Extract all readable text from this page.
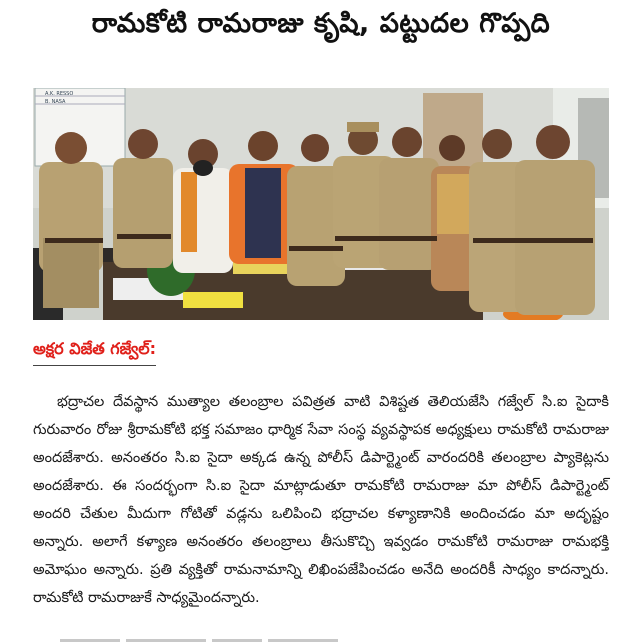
రామకోటి రామరాజు కృషి, పట్టుదల గొప్పది
A.K. RESSO
B. NASA
అక్షర విజేత గజ్వేల్:

భద్రాచల దేవస్థాన ముత్యాల తలంబ్రాల పవిత్రత వాటి విశిష్టత తెలియజేసి గజ్వేల్ సి.ఐ సైదాకి గురువారం రోజు శ్రీరామకోటి భక్త సమాజం ధార్మిక సేవా సంస్థ వ్యవస్థాపక అధ్యక్షులు రామకోటి రామరాజు అందజేశారు. అనంతరం సి.ఐ సైదా అక్కడ ఉన్న పోలీస్ డిపార్ట్మెంట్ వారందరికి తలంబ్రాల ప్యాకెట్లను అందజేశారు. ఈ సందర్భంగా సి.ఐ సైదా మాట్లాడుతూ రామకోటి రామరాజు మా పోలీస్ డిపార్ట్మెంట్ అందరి చేతుల మీదుగా గోటితో వడ్లను ఒలిపించి భద్రాచల కళ్యాణానికి అందించడం మా అదృష్టం అన్నారు. అలాగే కళ్యాణ అనంతరం తలంబ్రాలు తీసుకొచ్చి ఇవ్వడం రామకోటి రామరాజు రామభక్తి అమోఘం అన్నారు. ప్రతి వ్యక్తితో రామనామాన్ని లిఖింపజేపించడం అనేది అందరికీ సాధ్యం కాదన్నారు. రామకోటి రామరాజుకే సాధ్యమైందన్నారు.
